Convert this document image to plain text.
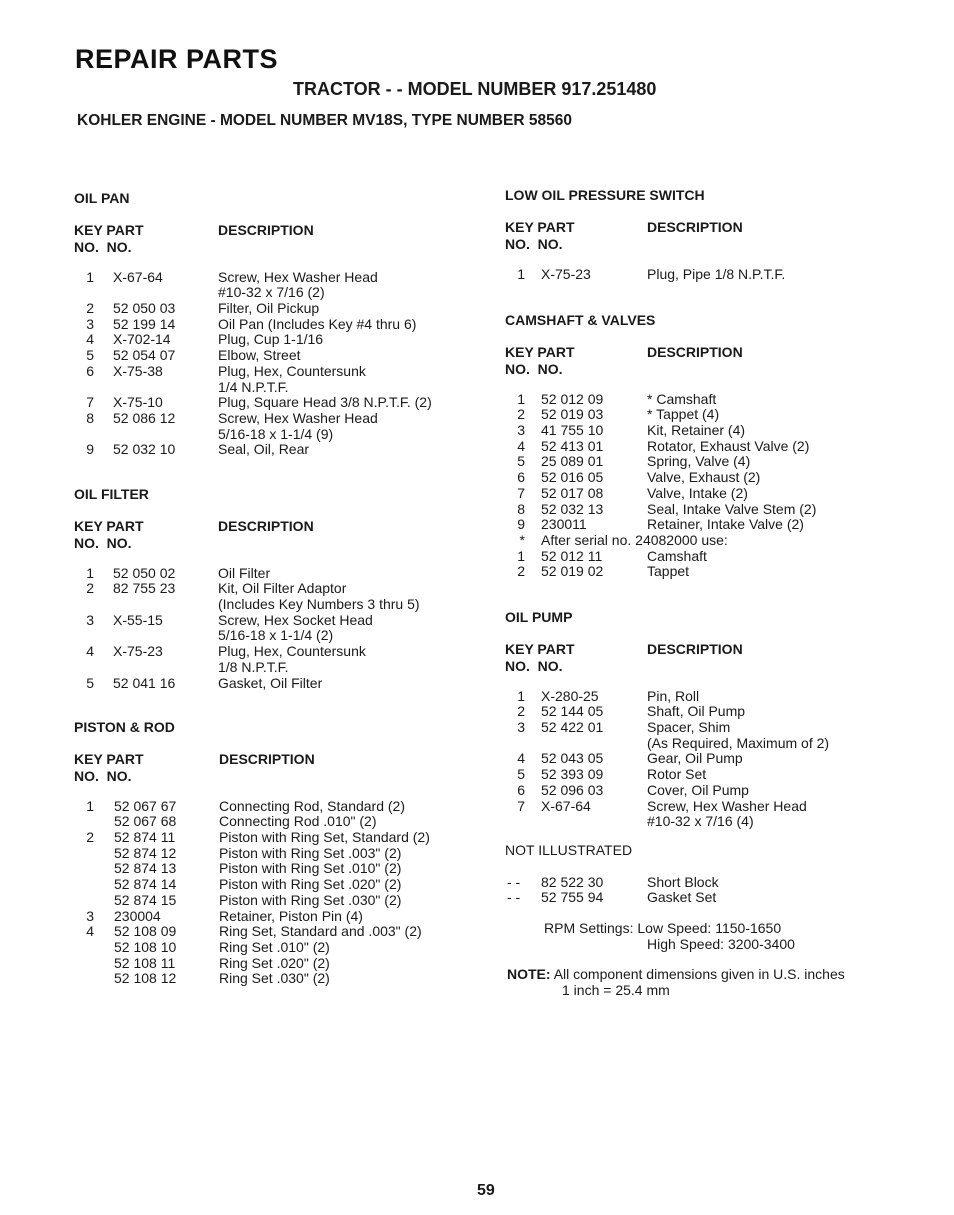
REPAIR PARTS
TRACTOR - - MODEL NUMBER 917.251480
KOHLER ENGINE - MODEL NUMBER MV18S, TYPE NUMBER 58560

OIL PAN

KEY PART
NO.  NO.
DESCRIPTION
1 X-67-64	Screw, Hex Washer Head
#10-32 x 7/16 (2)
2 52 050 03	Filter, Oil Pickup
3 52 199 14	Oil Pan (Includes Key #4 thru 6)
4 X-702-14	Plug, Cup 1-1/16
5 52 054 07	Elbow, Street
6 X-75-38	Plug, Hex, Countersunk
1/4 N.P.T.F.
7 X-75-10	Plug, Square Head 3/8 N.P.T.F. (2)
8 52 086 12	Screw, Hex Washer Head
5/16-18 x 1-1/4 (9)
9 52 032 10	Seal, Oil, Rear

OIL FILTER

KEY PART
NO.  NO.
DESCRIPTION
1 52 050 02	Oil Filter
2 82 755 23	Kit, Oil Filter Adaptor
(Includes Key Numbers 3 thru 5)
3 X-55-15	Screw, Hex Socket Head
5/16-18 x 1-1/4 (2)
4 X-75-23	Plug, Hex, Countersunk
1/8 N.P.T.F.
5 52 041 16	Gasket, Oil Filter

PISTON & ROD

KEY PART
NO.  NO.
DESCRIPTION
1 52 067 67	Connecting Rod, Standard (2)
52 067 68	Connecting Rod .010" (2)
2 52 874 11	Piston with Ring Set, Standard (2)
52 874 12	Piston with Ring Set .003" (2)
52 874 13	Piston with Ring Set .010" (2)
52 874 14	Piston with Ring Set .020" (2)
52 874 15	Piston with Ring Set .030" (2)
3 230004	Retainer, Piston Pin (4)
4 52 108 09	Ring Set, Standard and .003" (2)
52 108 10	Ring Set .010" (2)
52 108 11	Ring Set .020" (2)
52 108 12	Ring Set .030" (2)

LOW OIL PRESSURE SWITCH

KEY PART
NO.  NO.
DESCRIPTION
1 X-75-23	Plug, Pipe 1/8 N.P.T.F.

CAMSHAFT & VALVES

KEY PART
NO.  NO.
DESCRIPTION
1 52 012 09	* Camshaft
2 52 019 03	* Tappet (4)
3 41 755 10	Kit, Retainer (4)
4 52 413 01	Rotator, Exhaust Valve (2)
5 25 089 01	Spring, Valve (4)
6 52 016 05	Valve, Exhaust (2)
7 52 017 08	Valve, Intake (2)
8 52 032 13	Seal, Intake Valve Stem (2)
9 230011	Retainer, Intake Valve (2)
* After serial no. 24082000 use:
1 52 012 11	Camshaft
2 52 019 02	Tappet

OIL PUMP

KEY PART
NO.  NO.
DESCRIPTION
1 X-280-25	Pin, Roll
2 52 144 05	Shaft, Oil Pump
3 52 422 01	Spacer, Shim
(As Required, Maximum of 2)
4 52 043 05	Gear, Oil Pump
5 52 393 09	Rotor Set
6 52 096 03	Cover, Oil Pump
7 X-67-64	Screw, Hex Washer Head
#10-32 x 7/16 (4)

NOT ILLUSTRATED

- - 82 522 30	Short Block
- - 52 755 94	Gasket Set
RPM Settings: Low Speed: 1150-1650
High Speed: 3200-3400
NOTE: All component dimensions given in U.S. inches
1 inch = 25.4 mm
59
